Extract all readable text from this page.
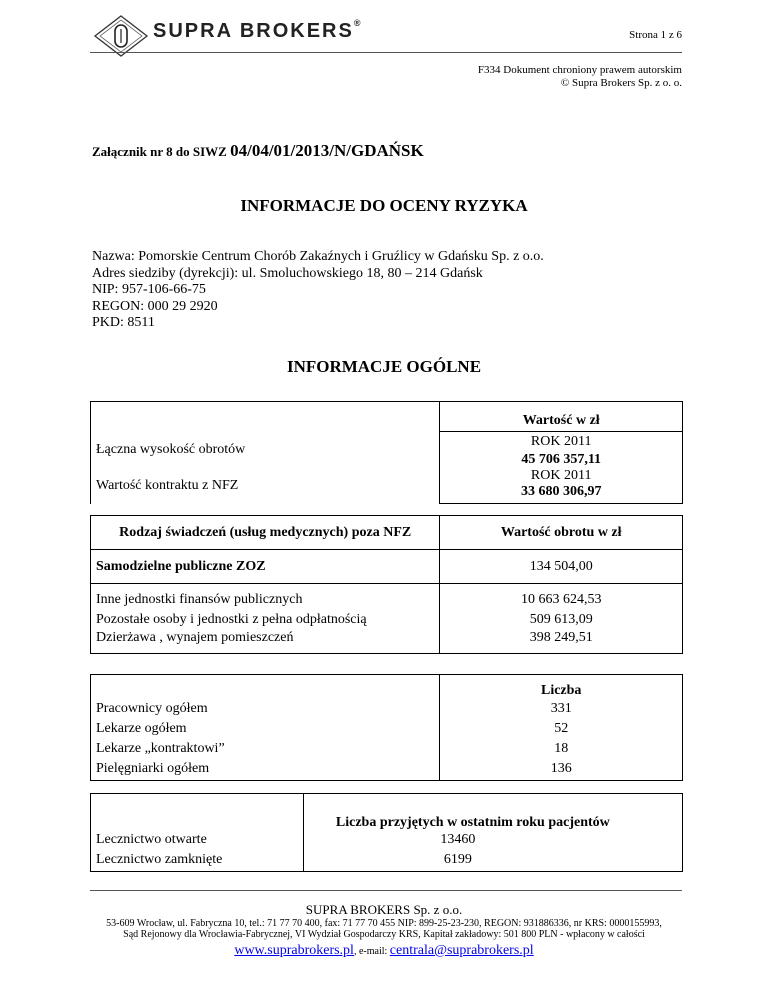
SUPRA BROKERS®
Strona 1 z 6
F334 Dokument chroniony prawem autorskim
© Supra Brokers Sp. z o. o.
Załącznik nr 8 do SIWZ 04/04/01/2013/N/GDAŃSK
INFORMACJE DO OCENY RYZYKA
Nazwa: Pomorskie Centrum Chorób Zakaźnych i Gruźlicy w Gdańsku Sp. z o.o.
Adres siedziby (dyrekcji): ul. Smoluchowskiego 18, 80 – 214 Gdańsk
NIP: 957-106-66-75
REGON: 000 29 2920
PKD: 8511
INFORMACJE OGÓLNE
	Wartość w zł

Łączna wysokość obrotów	ROK 2011
	45 706 357,11
Wartość kontraktu z NFZ	ROK 2011
	33 680 306,97
Rodzaj świadczeń (usług medycznych) poza NFZ	Wartość obrotu w zł
Samodzielne publiczne ZOZ	134 504,00

Inne jednostki finansów publicznych	10 663 624,53
Pozostałe osoby i jednostki z pełna odpłatnością	509 613,09
Dzierżawa , wynajem pomieszczeń	398 249,51
	Liczba
Pracownicy ogółem	331
Lekarze ogółem	52
Lekarze „kontraktowi”	18
Pielęgniarki ogółem	136
	Liczba przyjętych w ostatnim roku pacjentów
Lecznictwo otwarte	13460
Lecznictwo zamknięte	6199
SUPRA BROKERS Sp. z o.o.
53-609 Wrocław, ul. Fabryczna 10, tel.: 71 77 70 400, fax: 71 77 70 455 NIP: 899-25-23-230, REGON: 931886336, nr KRS: 0000155993,
Sąd Rejonowy dla Wrocławia-Fabrycznej, VI Wydział Gospodarczy KRS, Kapitał zakładowy: 501 800 PLN - wpłacony w całości
www.suprabrokers.pl, e-mail: centrala@suprabrokers.pl
